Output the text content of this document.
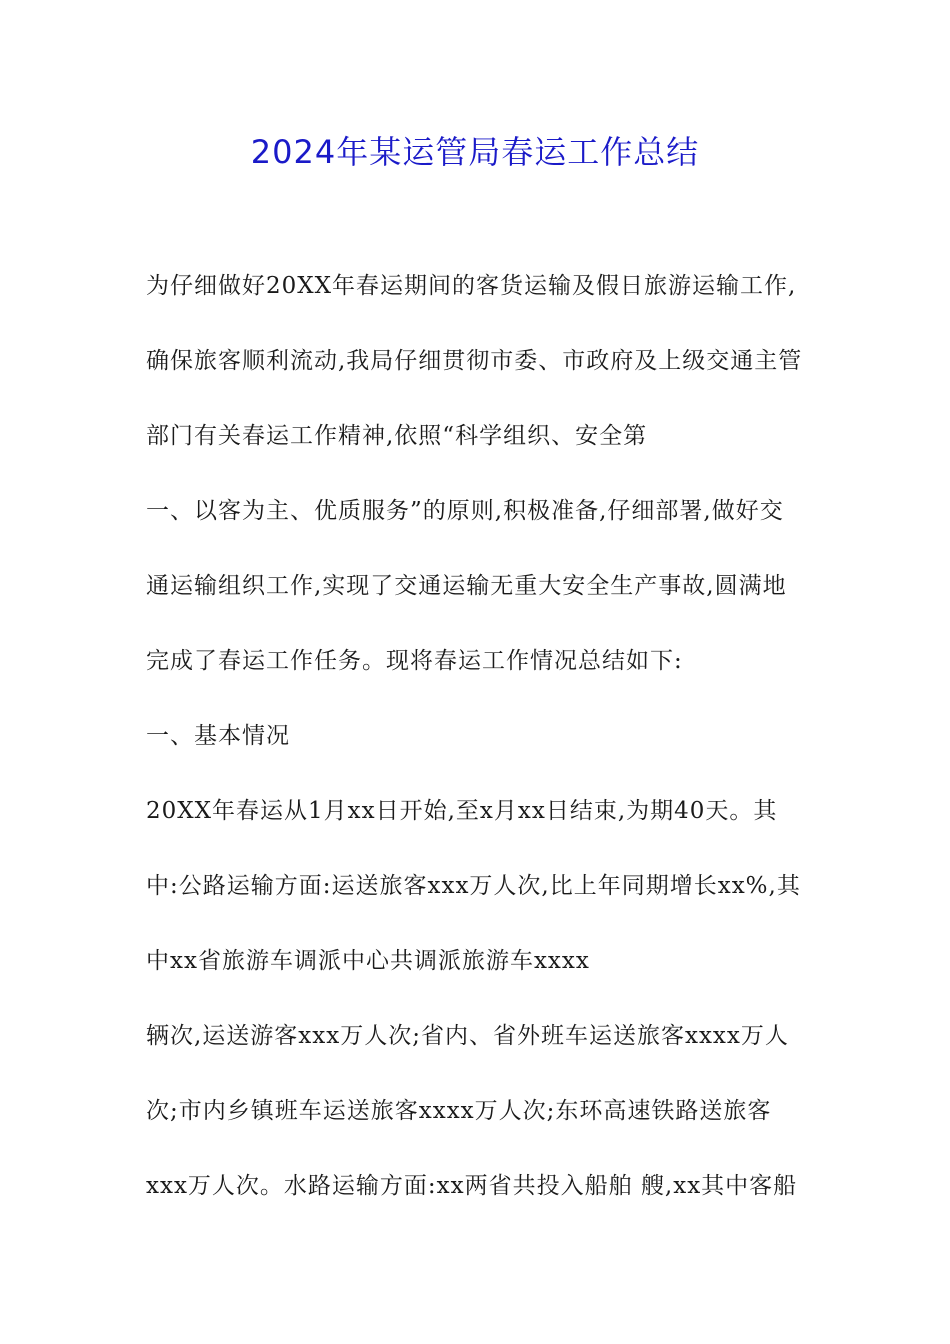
2024年某运管局春运工作总结
为仔细做好20XX年春运期间的客货运输及假日旅游运输工作,
确保旅客顺利流动,我局仔细贯彻市委、市政府及上级交通主管
部门有关春运工作精神,依照“科学组织、安全第
一、以客为主、优质服务”的原则,积极准备,仔细部署,做好交
通运输组织工作,实现了交通运输无重大安全生产事故,圆满地
完成了春运工作任务。现将春运工作情况总结如下:
一、基本情况
20XX年春运从1月xx日开始,至x月xx日结束,为期40天。其
中:公路运输方面:运送旅客xxx万人次,比上年同期增长xx%,其
中xx省旅游车调派中心共调派旅游车xxxx
辆次,运送游客xxx万人次;省内、省外班车运送旅客xxxx万人
次;市内乡镇班车运送旅客xxxx万人次;东环高速铁路送旅客
xxx万人次。水路运输方面:xx两省共投入船舶 艘,xx其中客船
